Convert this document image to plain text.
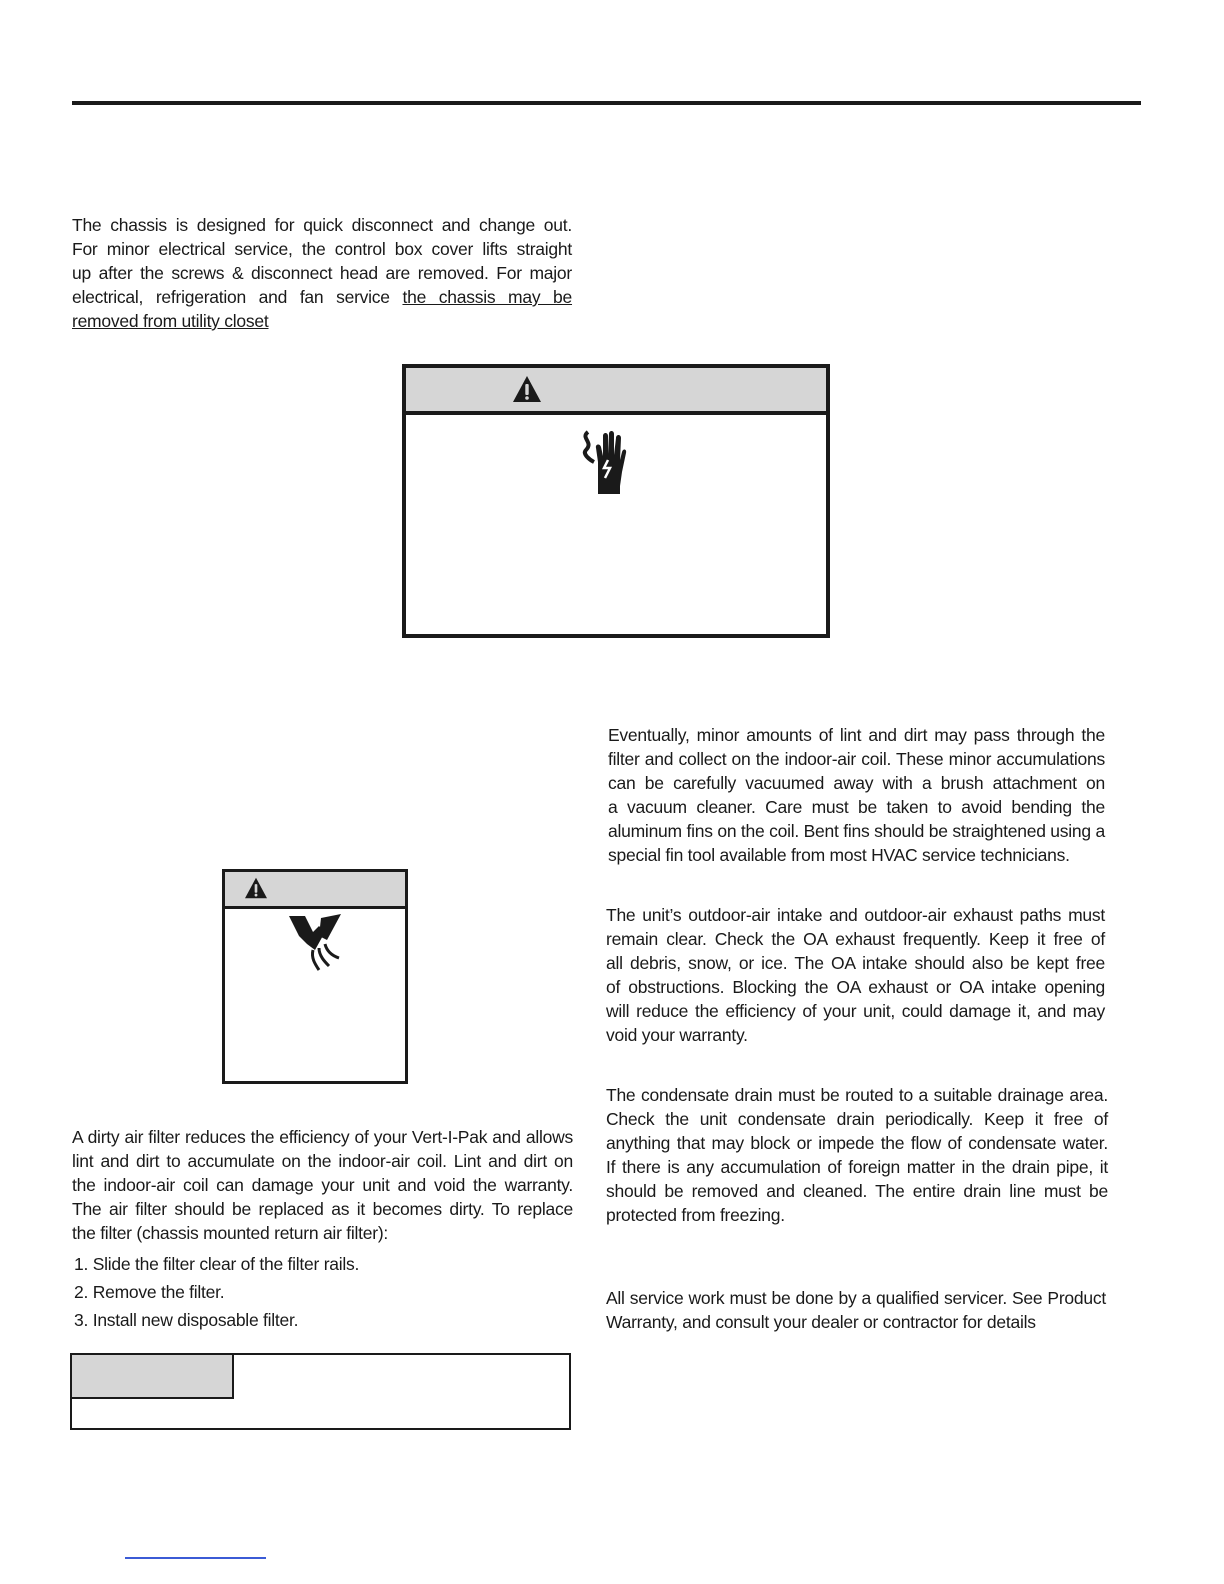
The chassis is designed for quick disconnect and change out.
For minor electrical service, the control box cover lifts straight
up after the screws & disconnect head are removed. For major
electrical, refrigeration and fan service the chassis may be
removed from utility closet

Eventually, minor amounts of lint and dirt may pass through the
filter and collect on the indoor-air coil. These minor accumulations
can be carefully vacuumed away with a brush attachment on
a vacuum cleaner. Care must be taken to avoid bending the
aluminum fins on the coil. Bent fins should be straightened using a
special fin tool available from most HVAC service technicians.

The unit’s outdoor-air intake and outdoor-air exhaust paths must
remain clear. Check the OA exhaust frequently. Keep it free of
all debris, snow, or ice. The OA intake should also be kept free
of obstructions. Blocking the OA exhaust or OA intake opening
will reduce the efficiency of your unit, could damage it, and may
void your warranty.

The condensate drain must be routed to a suitable drainage area.
Check the unit condensate drain periodically. Keep it free of
anything that may block or impede the flow of condensate water.
If there is any accumulation of foreign matter in the drain pipe, it
should be removed and cleaned. The entire drain line must be
protected from freezing.

A dirty air filter reduces the efficiency of your Vert-I-Pak and allows
lint and dirt to accumulate on the indoor-air coil. Lint and dirt on
the indoor-air coil can damage your unit and void the warranty.
The air filter should be replaced as it becomes dirty. To replace
the filter (chassis mounted return air filter):

1. Slide the filter clear of the filter rails.
2. Remove the filter.
3. Install new disposable filter.

All service work must be done by a qualified servicer. See Product
Warranty, and consult your dealer or contractor for details
